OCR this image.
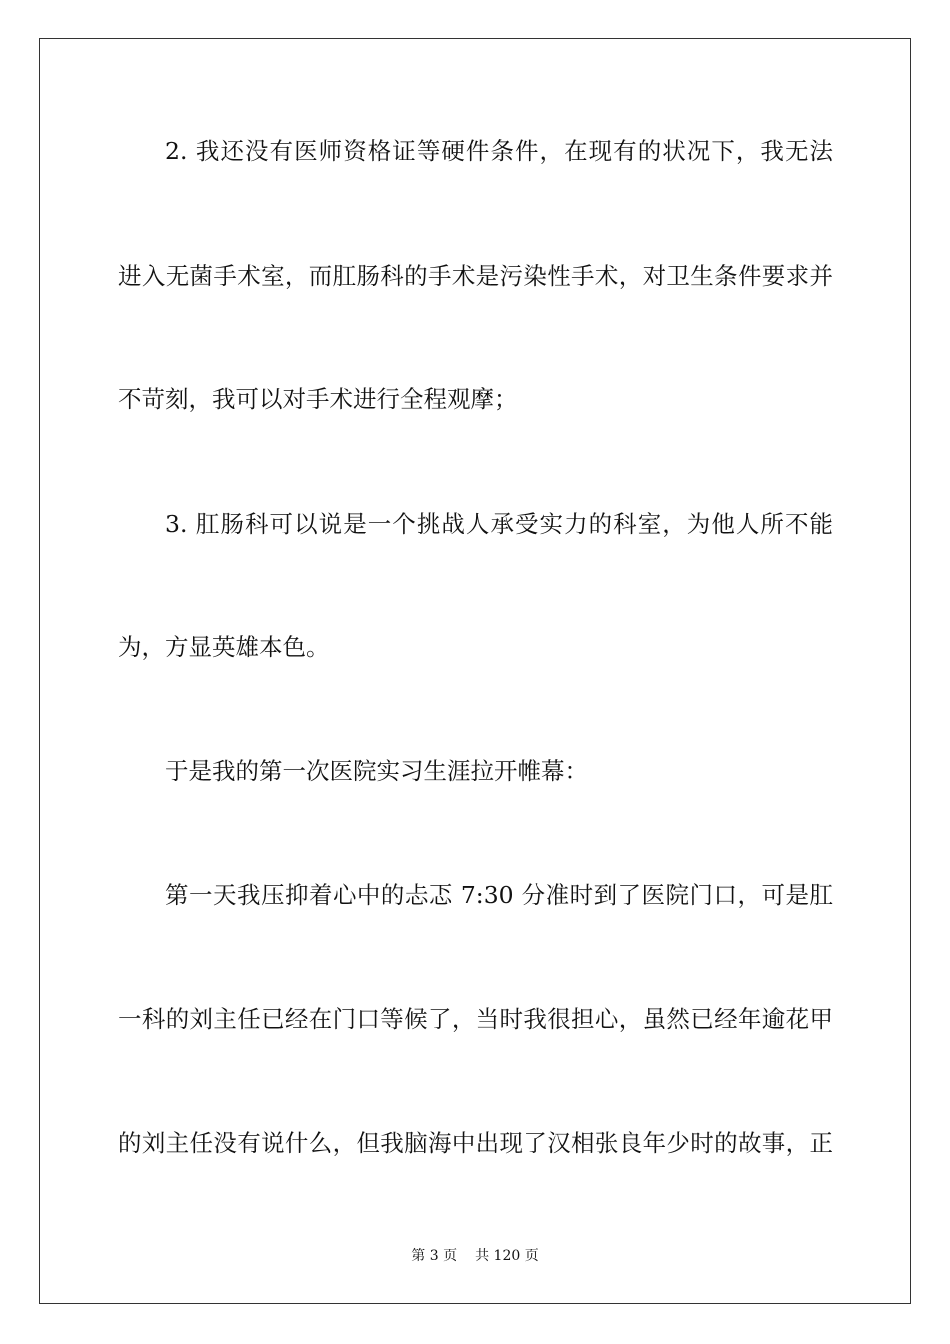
2. 我还没有医师资格证等硬件条件，在现有的状况下，我无法
进入无菌手术室，而肛肠科的手术是污染性手术，对卫生条件要求并
不苛刻，我可以对手术进行全程观摩；
3. 肛肠科可以说是一个挑战人承受实力的科室，为他人所不能
为，方显英雄本色。
于是我的第一次医院实习生涯拉开帷幕：
第一天我压抑着心中的忐忑 7:30 分准时到了医院门口，可是肛
一科的刘主任已经在门口等候了，当时我很担心，虽然已经年逾花甲
的刘主任没有说什么，但我脑海中出现了汉相张良年少时的故事，正
第 3 页 共 120 页
